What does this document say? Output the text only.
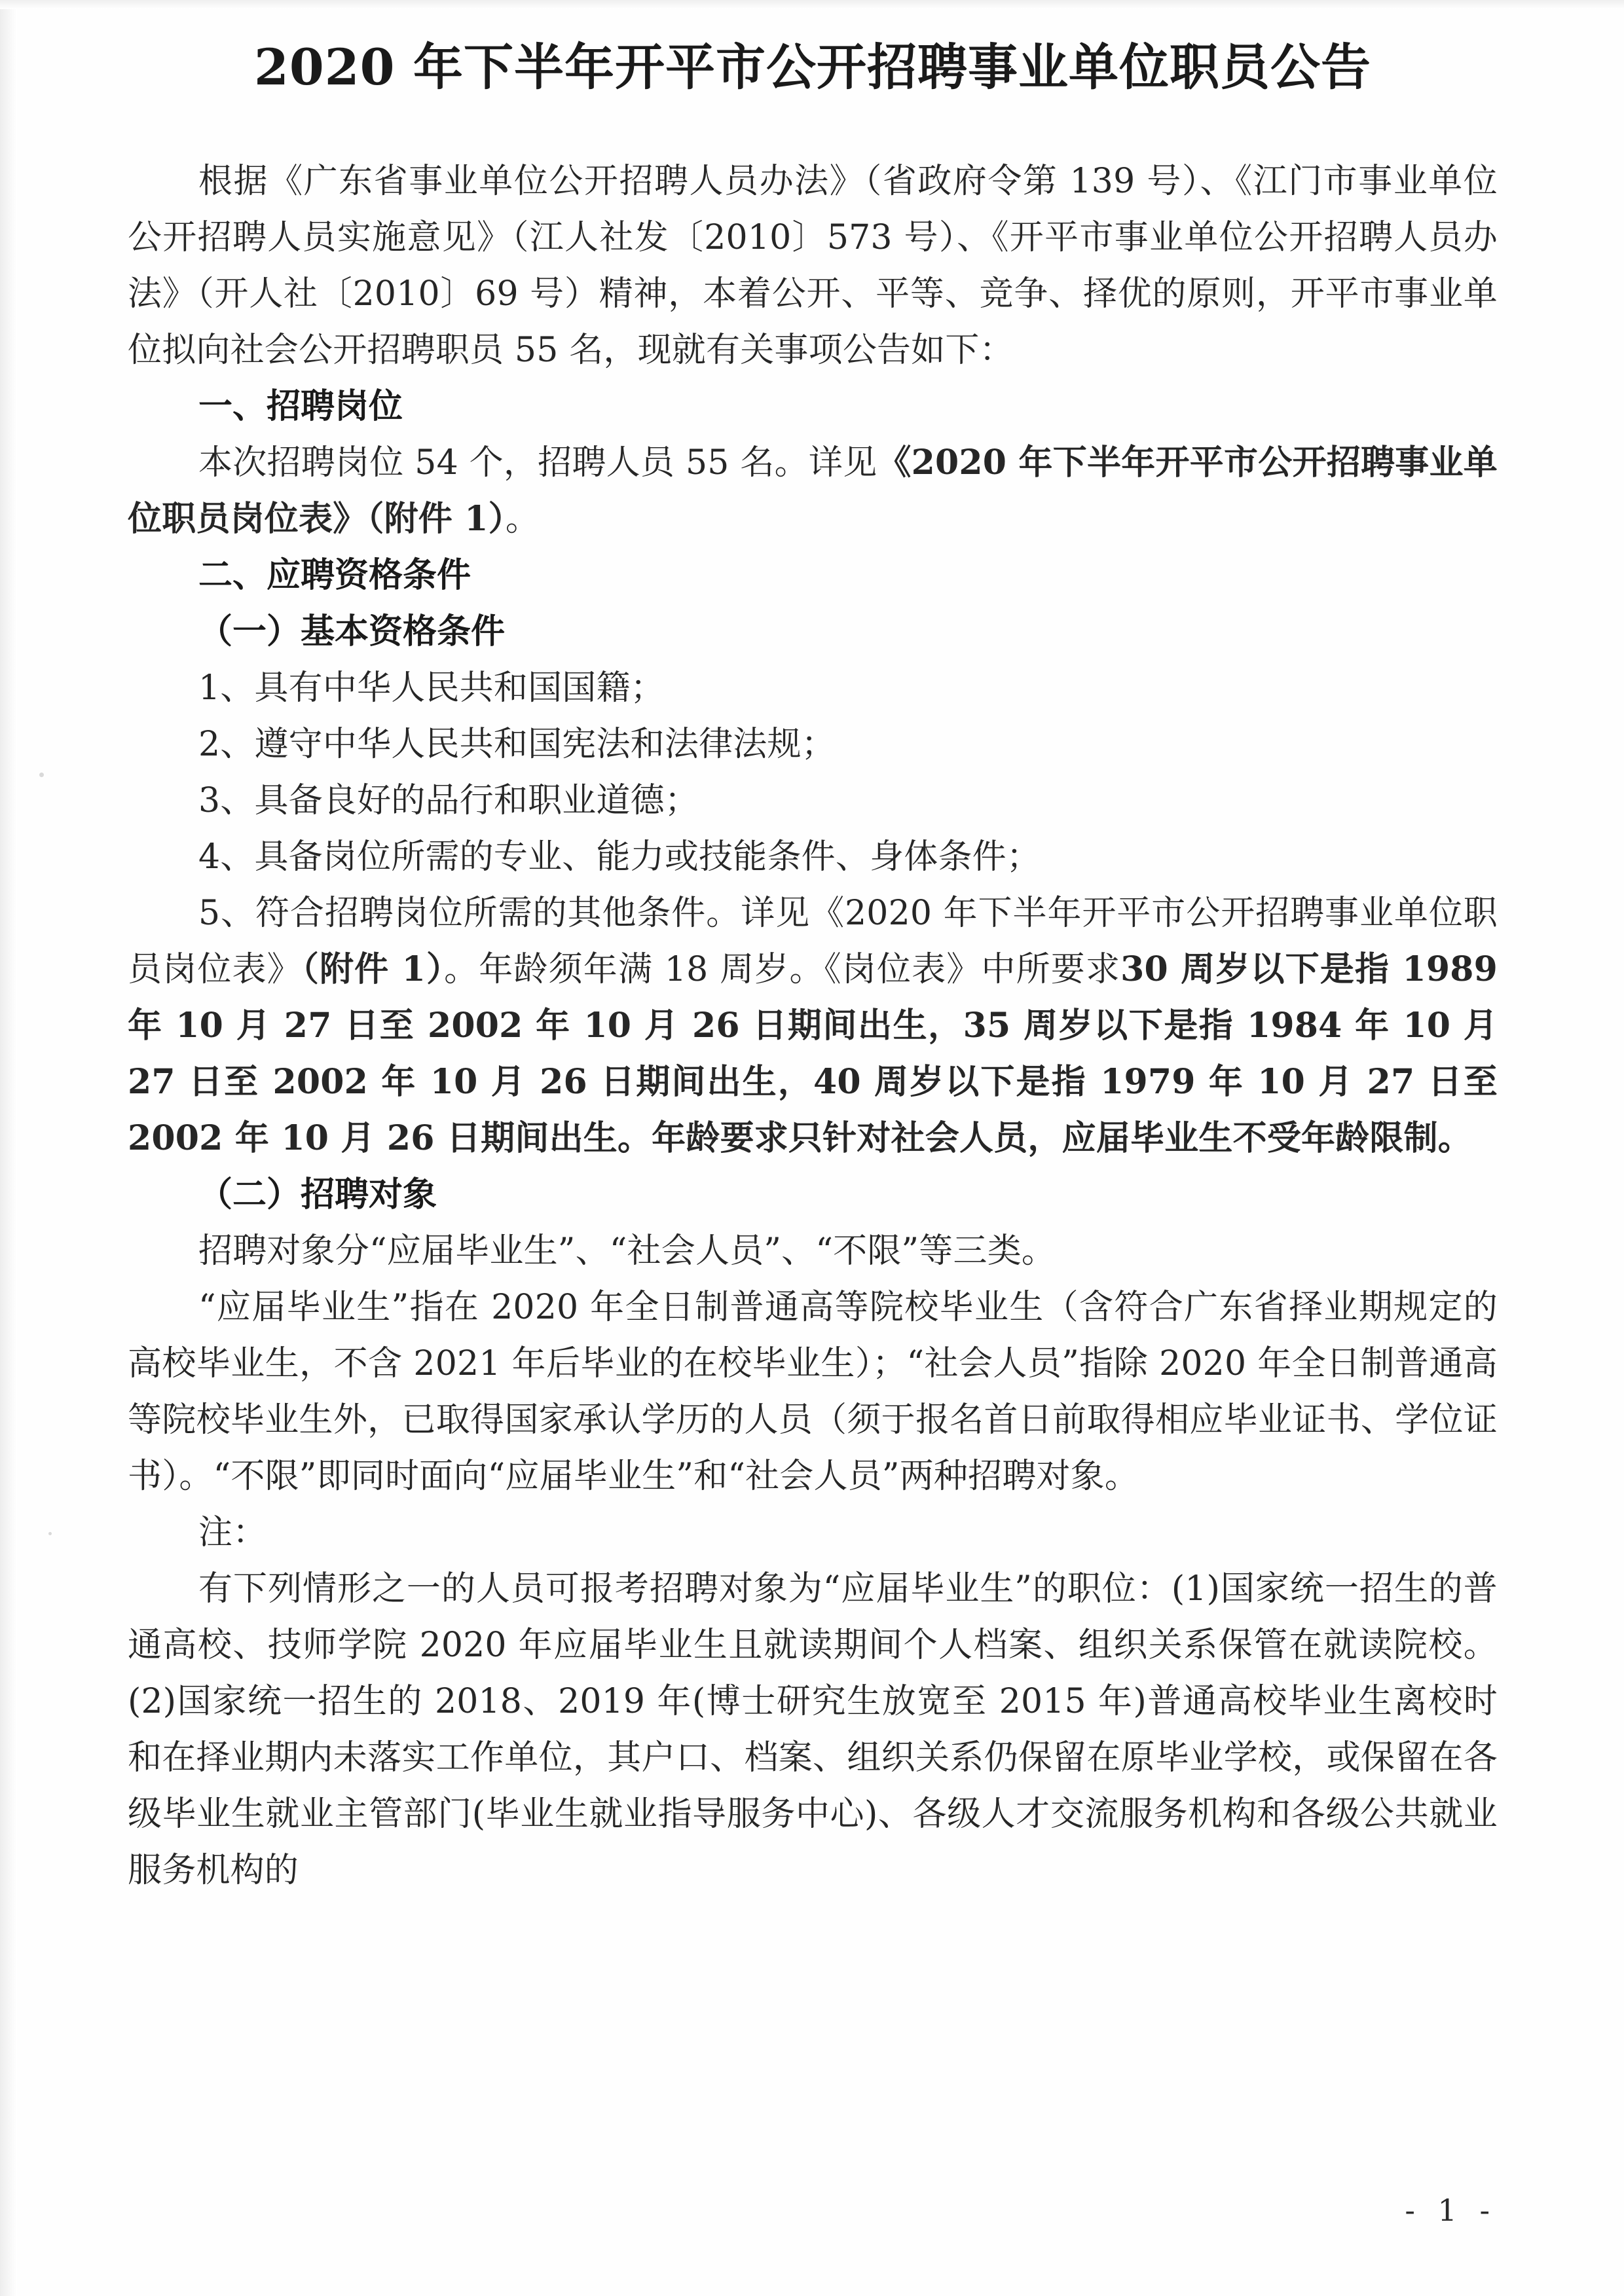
2020 年下半年开平市公开招聘事业单位职员公告

根据《广东省事业单位公开招聘人员办法》（省政府令第 139 号）、《江门市事业单位公开招聘人员实施意见》（江人社发〔2010〕573 号）、《开平市事业单位公开招聘人员办法》（开人社〔2010〕69 号）精神，本着公开、平等、竞争、择优的原则，开平市事业单位拟向社会公开招聘职员 55 名，现就有关事项公告如下：

一、招聘岗位

本次招聘岗位 54 个，招聘人员 55 名。详见《2020 年下半年开平市公开招聘事业单位职员岗位表》（附件 1）。

二、应聘资格条件

（一）基本资格条件

1、具有中华人民共和国国籍；

2、遵守中华人民共和国宪法和法律法规；

3、具备良好的品行和职业道德；

4、具备岗位所需的专业、能力或技能条件、身体条件；

5、符合招聘岗位所需的其他条件。详见《2020 年下半年开平市公开招聘事业单位职员岗位表》（附件 1）。年龄须年满 18 周岁。《岗位表》中所要求30 周岁以下是指 1989 年 10 月 27 日至 2002 年 10 月 26 日期间出生，35 周岁以下是指 1984 年 10 月 27 日至 2002 年 10 月 26 日期间出生，40 周岁以下是指 1979 年 10 月 27 日至 2002 年 10 月 26 日期间出生。年龄要求只针对社会人员，应届毕业生不受年龄限制。

（二）招聘对象

招聘对象分“应届毕业生”、“社会人员”、“不限”等三类。

“应届毕业生”指在 2020 年全日制普通高等院校毕业生（含符合广东省择业期规定的高校毕业生，不含 2021 年后毕业的在校毕业生）；“社会人员”指除 2020 年全日制普通高等院校毕业生外，已取得国家承认学历的人员（须于报名首日前取得相应毕业证书、学位证书）。“不限”即同时面向“应届毕业生”和“社会人员”两种招聘对象。

注：

有下列情形之一的人员可报考招聘对象为“应届毕业生”的职位：(1)国家统一招生的普通高校、技师学院 2020 年应届毕业生且就读期间个人档案、组织关系保管在就读院校。(2)国家统一招生的 2018、2019 年(博士研究生放宽至 2015 年)普通高校毕业生离校时和在择业期内未落实工作单位，其户口、档案、组织关系仍保留在原毕业学校，或保留在各级毕业生就业主管部门(毕业生就业指导服务中心)、各级人才交流服务机构和各级公共就业服务机构的

- 1 -
